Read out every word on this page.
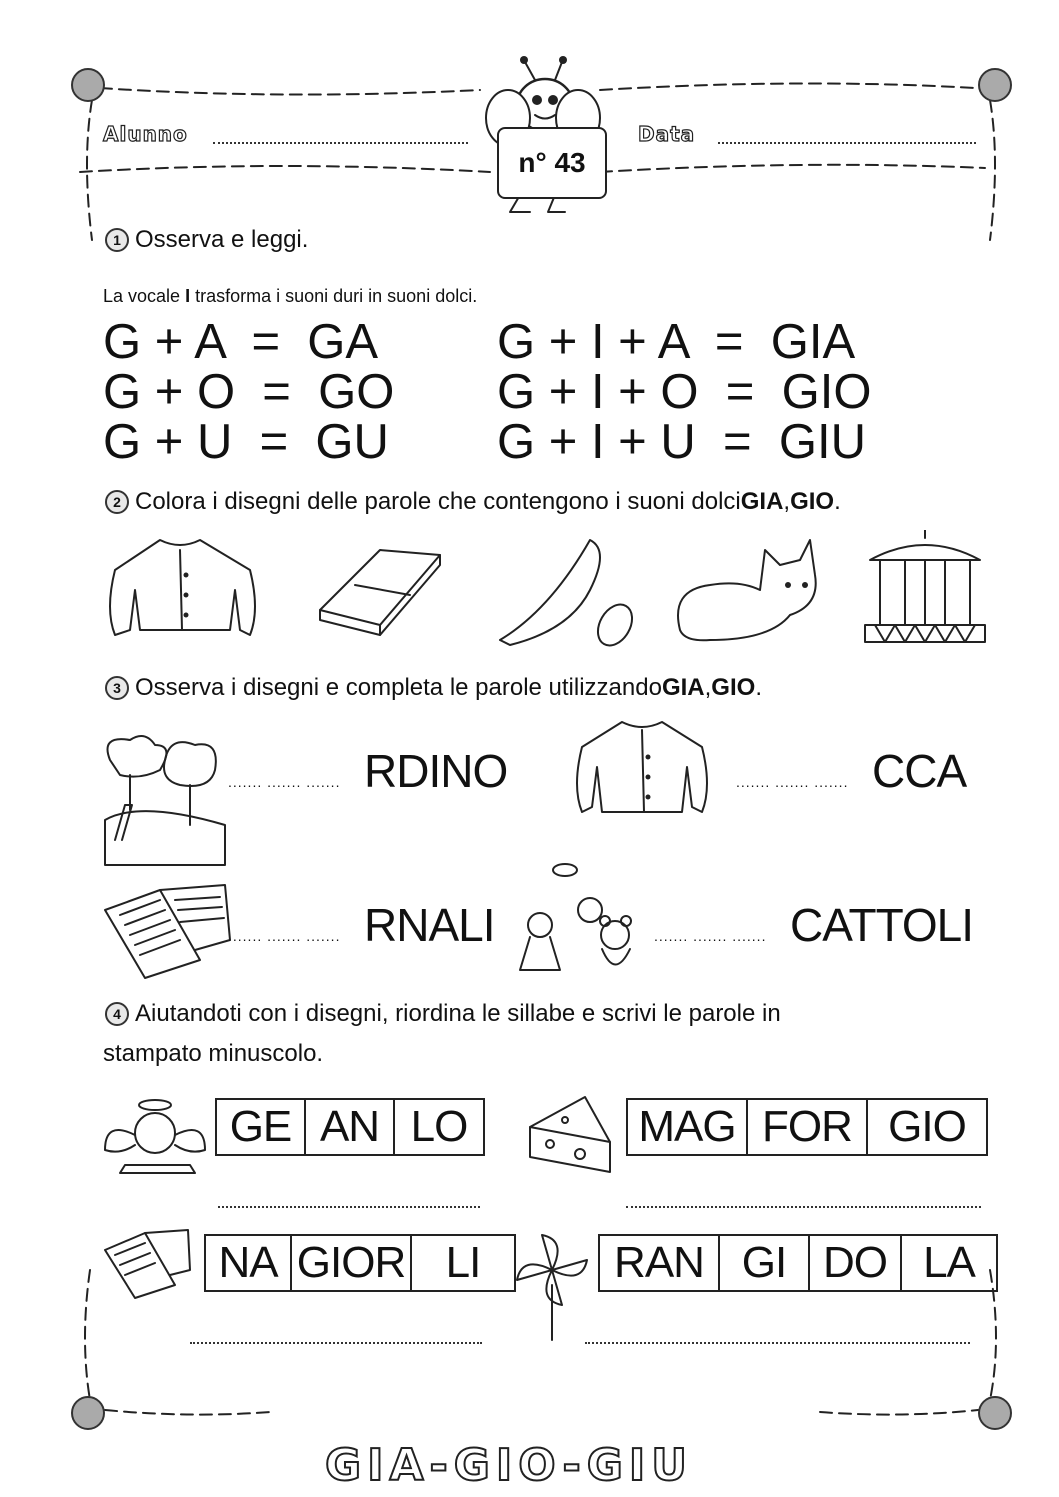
Alunno	Data
n° 43
1 Osserva e leggi.
La vocale I trasforma i suoni duri in suoni dolci.
G + A  =  GA
G + O  =  GO
G + U  =  GU
G + I + A  =  GIA
G + I + O  =  GIO
G + I + U  =  GIU
2 Colora i disegni delle parole che contengono i suoni dolci GIA , GIO .
3 Osserva i disegni e completa le parole utilizzando GIA , GIO .
....... ....... ....... RDINO	....... ....... ....... CCA
....... ....... ....... RNALI	....... ....... ....... CATTOLI
4 Aiutandoti con i disegni, riordina le sillabe e scrivi le parole in
stampato minuscolo.
GE AN LO	MAG FOR GIO
NA GIOR LI	RAN GI DO LA
GIA-GIO-GIU
